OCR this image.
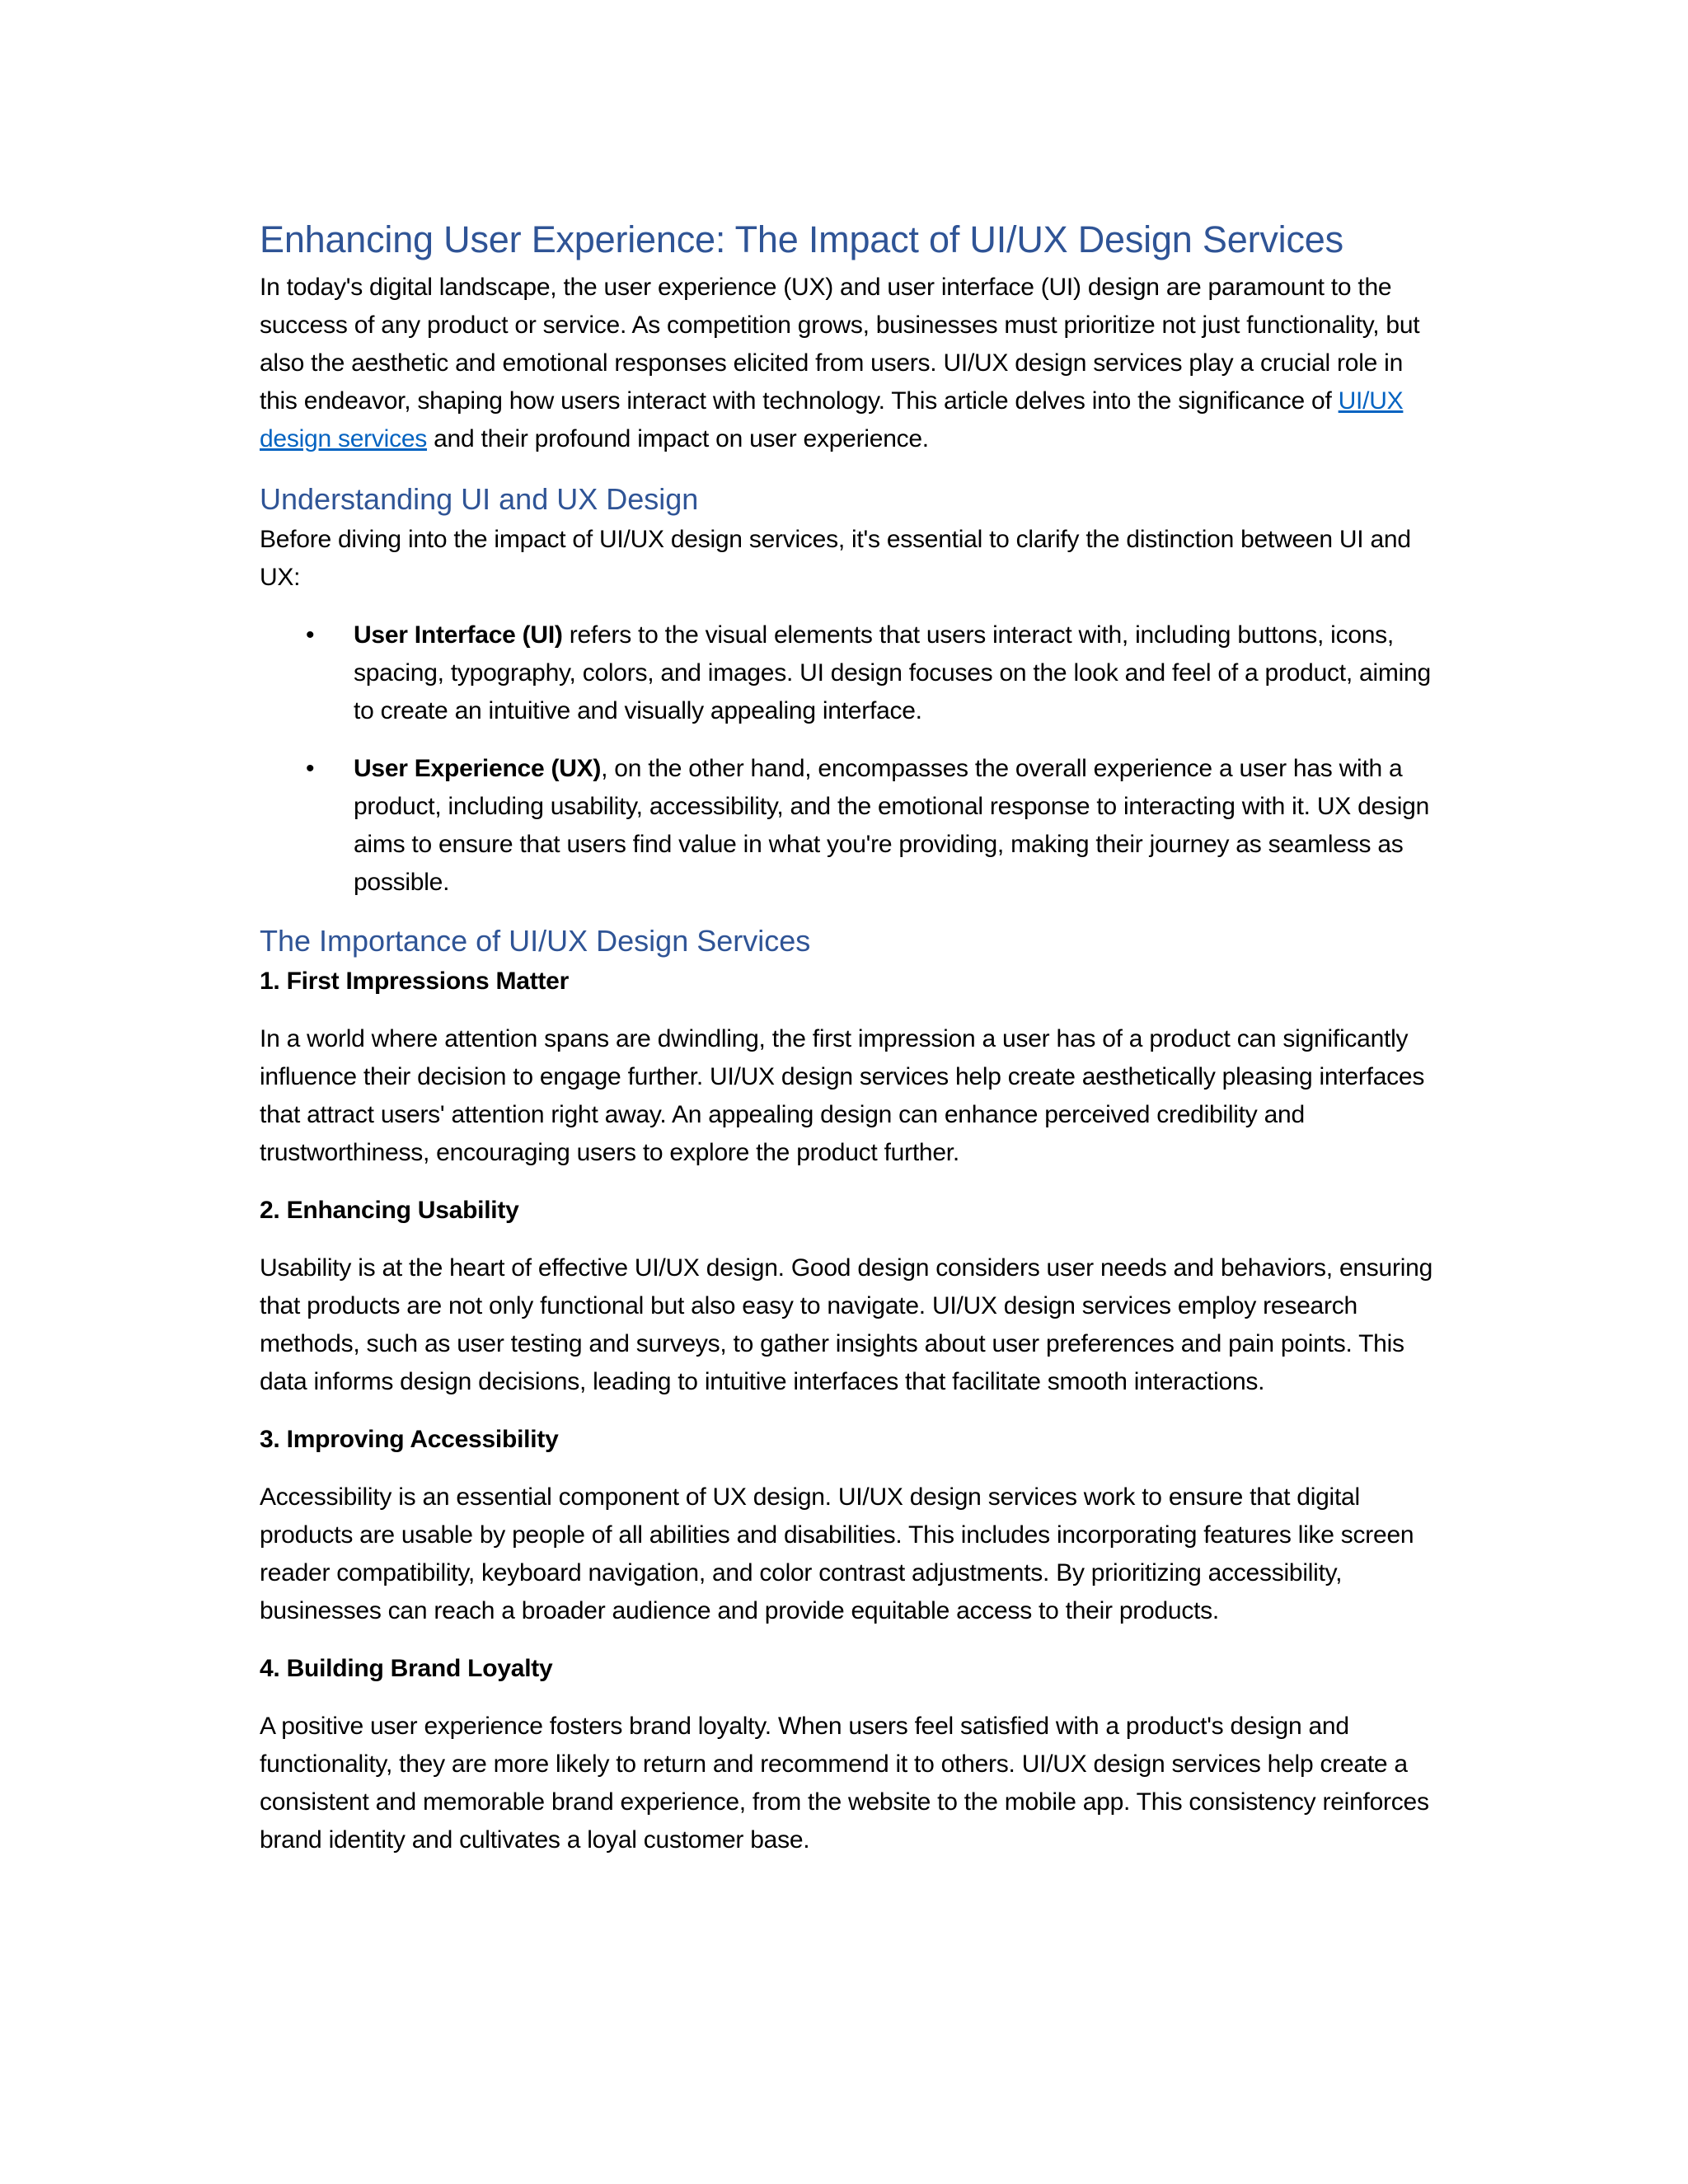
Enhancing User Experience: The Impact of UI/UX Design Services

In today's digital landscape, the user experience (UX) and user interface (UI) design are paramount to the success of any product or service. As competition grows, businesses must prioritize not just functionality, but also the aesthetic and emotional responses elicited from users. UI/UX design services play a crucial role in this endeavor, shaping how users interact with technology. This article delves into the significance of UI/UX design services and their profound impact on user experience.

Understanding UI and UX Design

Before diving into the impact of UI/UX design services, it's essential to clarify the distinction between UI and UX:

• User Interface (UI) refers to the visual elements that users interact with, including buttons, icons, spacing, typography, colors, and images. UI design focuses on the look and feel of a product, aiming to create an intuitive and visually appealing interface.
• User Experience (UX), on the other hand, encompasses the overall experience a user has with a product, including usability, accessibility, and the emotional response to interacting with it. UX design aims to ensure that users find value in what you're providing, making their journey as seamless as possible.
The Importance of UI/UX Design Services

1. First Impressions Matter

In a world where attention spans are dwindling, the first impression a user has of a product can significantly influence their decision to engage further. UI/UX design services help create aesthetically pleasing interfaces that attract users' attention right away. An appealing design can enhance perceived credibility and trustworthiness, encouraging users to explore the product further.

2. Enhancing Usability

Usability is at the heart of effective UI/UX design. Good design considers user needs and behaviors, ensuring that products are not only functional but also easy to navigate. UI/UX design services employ research methods, such as user testing and surveys, to gather insights about user preferences and pain points. This data informs design decisions, leading to intuitive interfaces that facilitate smooth interactions.

3. Improving Accessibility

Accessibility is an essential component of UX design. UI/UX design services work to ensure that digital products are usable by people of all abilities and disabilities. This includes incorporating features like screen reader compatibility, keyboard navigation, and color contrast adjustments. By prioritizing accessibility, businesses can reach a broader audience and provide equitable access to their products.

4. Building Brand Loyalty

A positive user experience fosters brand loyalty. When users feel satisfied with a product's design and functionality, they are more likely to return and recommend it to others. UI/UX design services help create a consistent and memorable brand experience, from the website to the mobile app. This consistency reinforces brand identity and cultivates a loyal customer base.
